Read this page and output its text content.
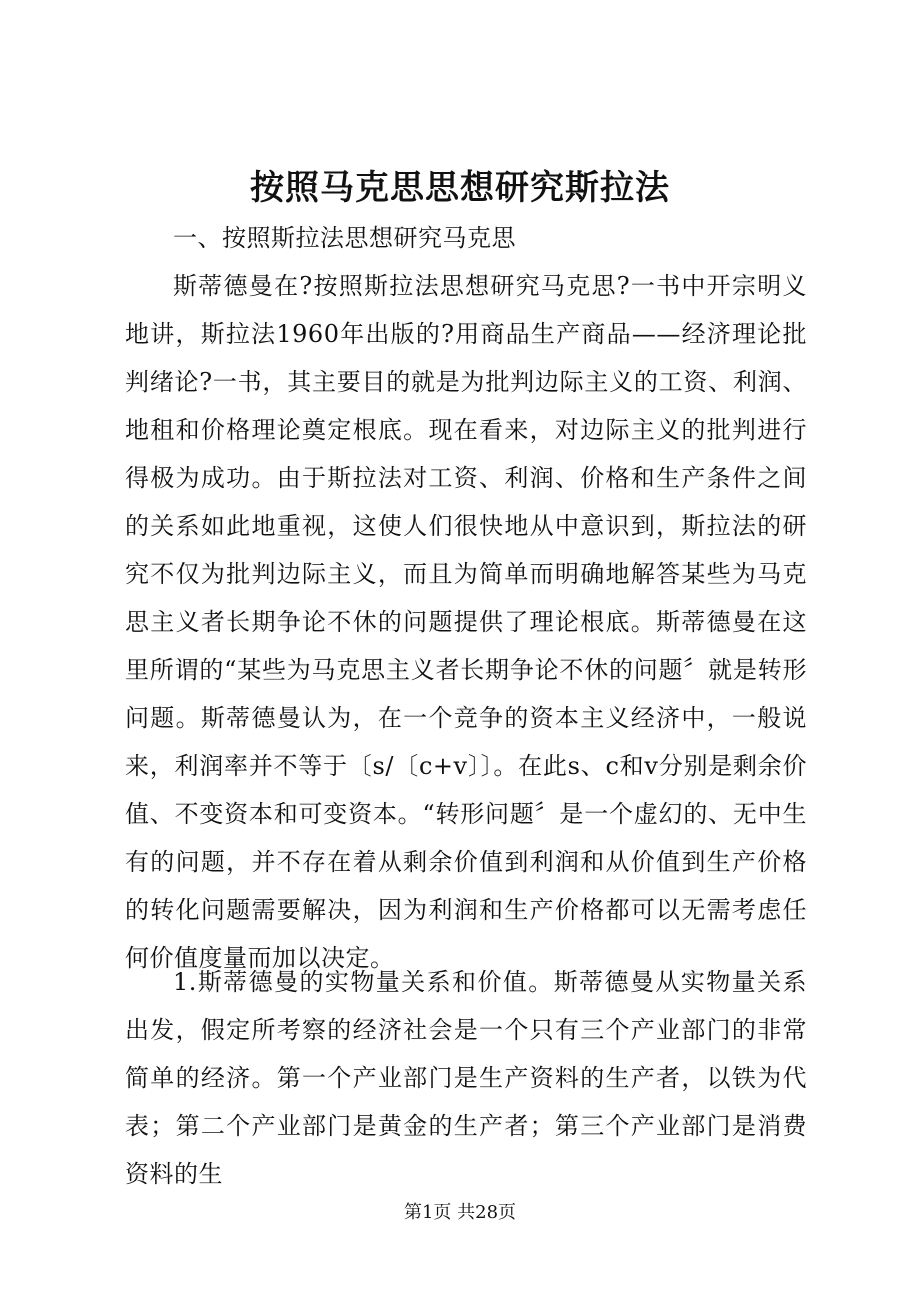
按照马克思思想研究斯拉法

一、按照斯拉法思想研究马克思

斯蒂德曼在?按照斯拉法思想研究马克思?一书中开宗明义地讲，斯拉法1960年出版的?用商品生产商品——经济理论批判绪论?一书，其主要目的就是为批判边际主义的工资、利润、地租和价格理论奠定根底。现在看来，对边际主义的批判进行得极为成功。由于斯拉法对工资、利润、价格和生产条件之间的关系如此地重视，这使人们很快地从中意识到，斯拉法的研究不仅为批判边际主义，而且为简单而明确地解答某些为马克思主义者长期争论不休的问题提供了理论根底。斯蒂德曼在这里所谓的“某些为马克思主义者长期争论不休的问题〞就是转形问题。斯蒂德曼认为，在一个竞争的资本主义经济中，一般说来，利润率并不等于〔s/〔c+v〕〕。在此s、c和v分别是剩余价值、不变资本和可变资本。“转形问题〞是一个虚幻的、无中生有的问题，并不存在着从剩余价值到利润和从价值到生产价格的转化问题需要解决，因为利润和生产价格都可以无需考虑任何价值度量而加以决定。

1.斯蒂德曼的实物量关系和价值。斯蒂德曼从实物量关系出发，假定所考察的经济社会是一个只有三个产业部门的非常简单的经济。第一个产业部门是生产资料的生产者，以铁为代表；第二个产业部门是黄金的生产者；第三个产业部门是消费资料的生

第1页 共28页
